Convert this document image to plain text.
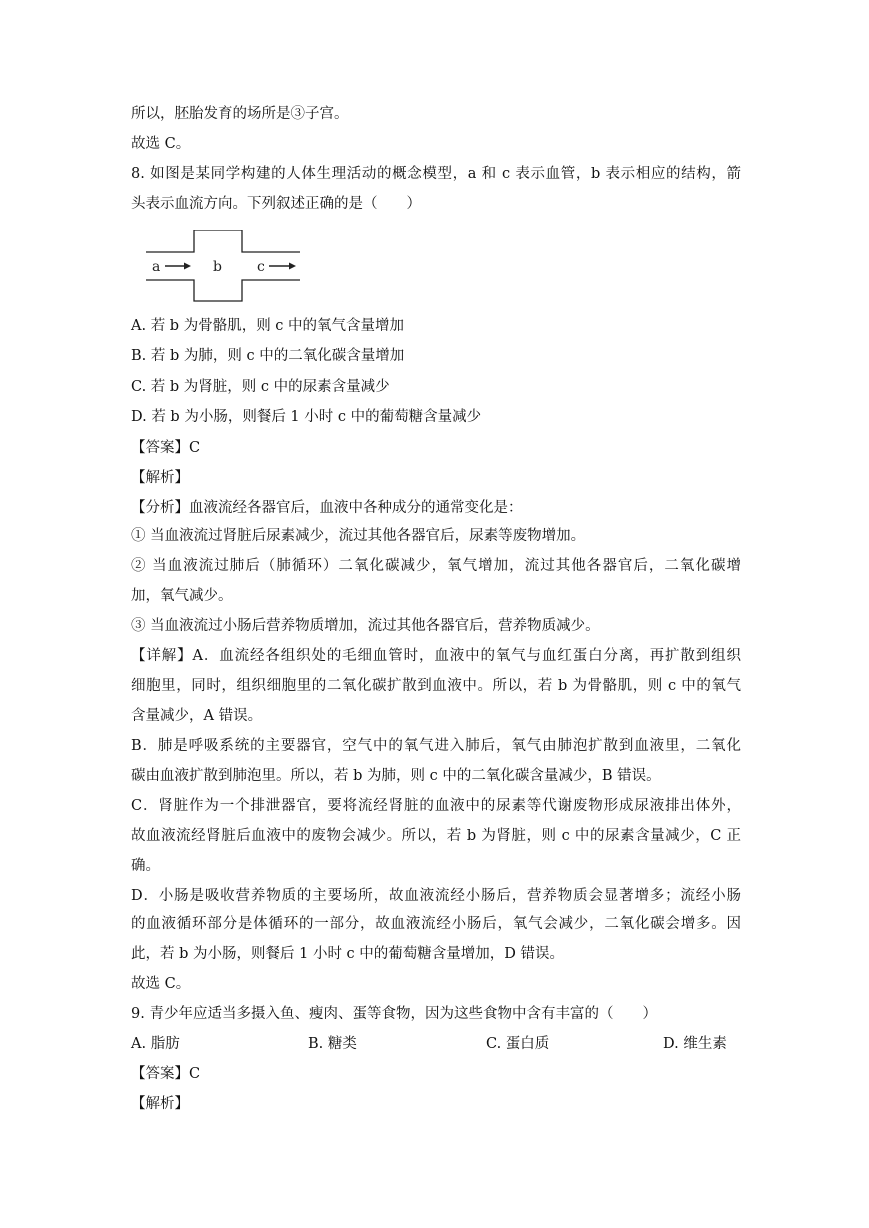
所以，胚胎发育的场所是③子宫。
故选 C。
8. 如图是某同学构建的人体生理活动的概念模型，a 和 c 表示血管，b 表示相应的结构，箭
头表示血流方向。下列叙述正确的是（　　）
a	b	c
A. 若 b 为骨骼肌，则 c 中的氧气含量增加
B. 若 b 为肺，则 c 中的二氧化碳含量增加
C. 若 b 为肾脏，则 c 中的尿素含量减少
D. 若 b 为小肠，则餐后 1 小时 c 中的葡萄糖含量减少
【答案】C
【解析】
【分析】血液流经各器官后，血液中各种成分的通常变化是：
① 当血液流过肾脏后尿素减少，流过其他各器官后，尿素等废物增加。
② 当血液流过肺后（肺循环）二氧化碳减少，氧气增加，流过其他各器官后，二氧化碳增
加，氧气减少。
③ 当血液流过小肠后营养物质增加，流过其他各器官后，营养物质减少。
【详解】A．血流经各组织处的毛细血管时，血液中的氧气与血红蛋白分离，再扩散到组织
细胞里，同时，组织细胞里的二氧化碳扩散到血液中。所以，若 b 为骨骼肌，则 c 中的氧气
含量减少，A 错误。
B．肺是呼吸系统的主要器官，空气中的氧气进入肺后，氧气由肺泡扩散到血液里，二氧化
碳由血液扩散到肺泡里。所以，若 b 为肺，则 c 中的二氧化碳含量减少，B 错误。
C．肾脏作为一个排泄器官，要将流经肾脏的血液中的尿素等代谢废物形成尿液排出体外，
故血液流经肾脏后血液中的废物会减少。所以，若 b 为肾脏，则 c 中的尿素含量减少，C 正
确。
D．小肠是吸收营养物质的主要场所，故血液流经小肠后，营养物质会显著增多；流经小肠
的血液循环部分是体循环的一部分，故血液流经小肠后，氧气会减少，二氧化碳会增多。因
此，若 b 为小肠，则餐后 1 小时 c 中的葡萄糖含量增加，D 错误。
故选 C。
9. 青少年应适当多摄入鱼、瘦肉、蛋等食物，因为这些食物中含有丰富的（　　）
A. 脂肪	B. 糖类	C. 蛋白质	D. 维生素
【答案】C
【解析】
